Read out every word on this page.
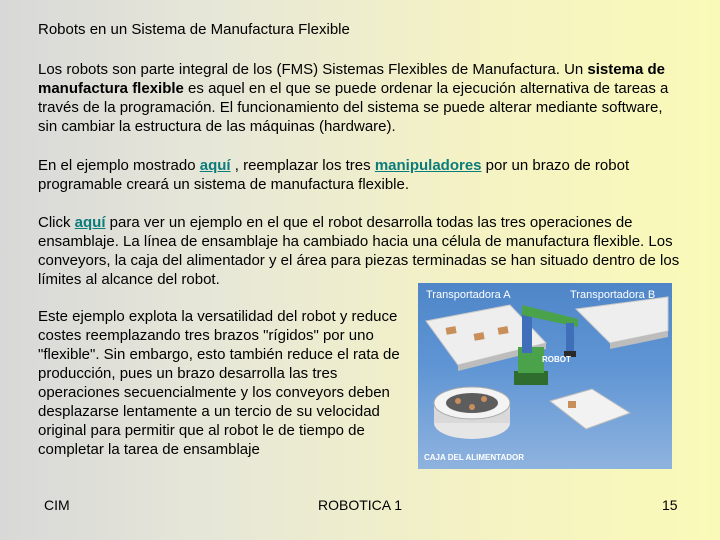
Robots en un Sistema de Manufactura Flexible

Los robots son parte integral de los (FMS) Sistemas Flexibles de Manufactura. Un sistema de manufactura flexible es aquel en el que se puede ordenar la ejecución alternativa de tareas a través de la programación. El funcionamiento del sistema se puede alterar mediante software, sin cambiar la estructura de las máquinas (hardware).

En el ejemplo mostrado aquí , reemplazar los tres manipuladores por un brazo de robot programable creará un sistema de manufactura flexible.

Click aquí para ver un ejemplo en el que el robot desarrolla todas las tres operaciones de ensamblaje. La línea de ensamblaje ha cambiado hacia una célula de manufactura flexible. Los conveyors, la caja del alimentador y el área para piezas terminadas se han situado dentro de los límites al alcance del robot.

Este ejemplo explota la versatilidad del robot y reduce costes reemplazando tres brazos "rígidos" por uno "flexible". Sin embargo, esto también reduce el rata de producción, pues un brazo desarrolla las tres operaciones secuencialmente y los conveyors deben desplazarse lentamente a un tercio de su velocidad original para permitir que al robot le de tiempo de completar la tarea de ensamblaje

Transportadora A	Transportadora B
ROBOT
CAJA DEL ALIMENTADOR
CIM	ROBOTICA 1	15
